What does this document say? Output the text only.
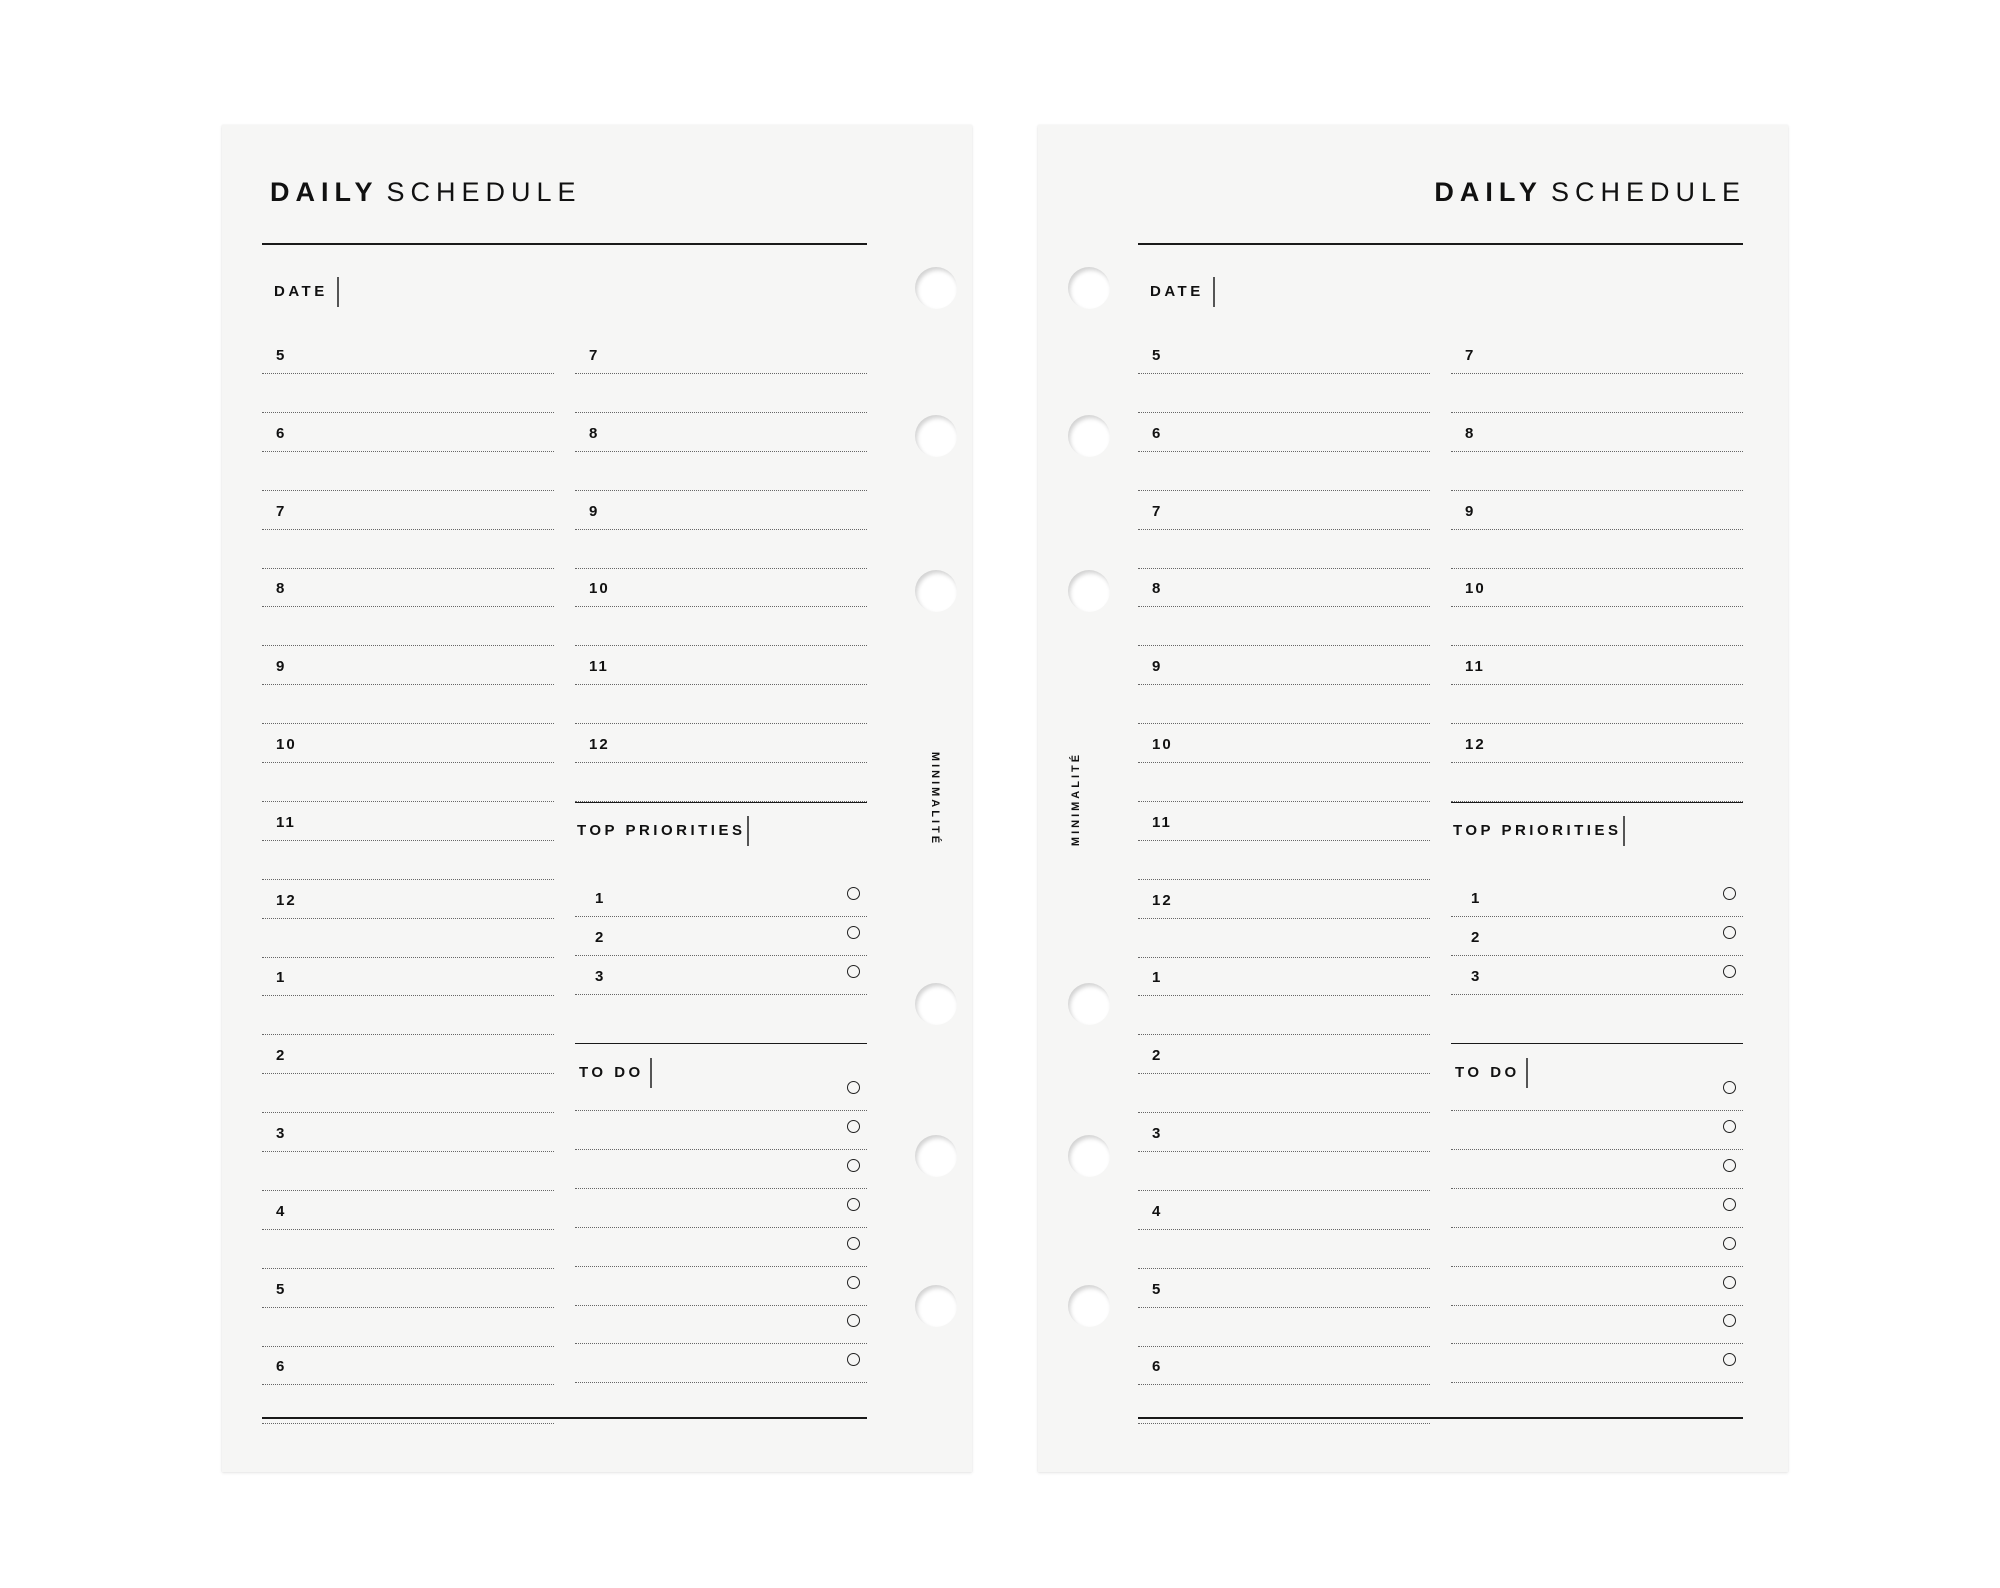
DAILY SCHEDULE
DATE
5
6
7
8
9
10
11
12
1
2
3
4
5
6
7
8
9
10
11
12
TOP PRIORITIES
1
2
3
TO DO
MINIMALITÉ
DAILY SCHEDULE
DATE
5
6
7
8
9
10
11
12
1
2
3
4
5
6
7
8
9
10
11
12
TOP PRIORITIES
1
2
3
TO DO
MINIMALITÉ
